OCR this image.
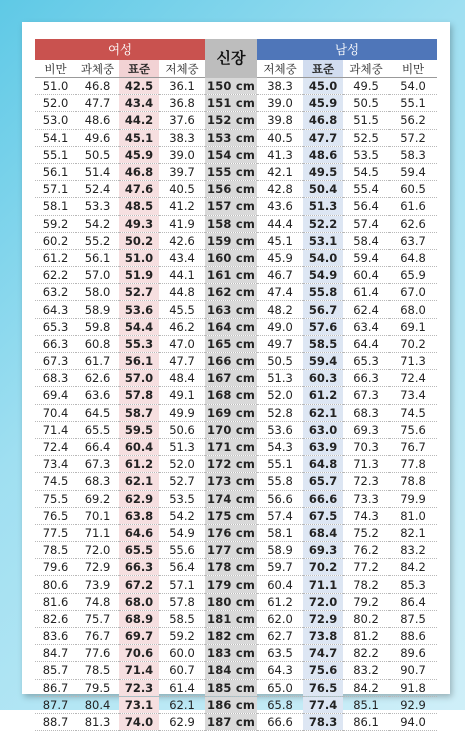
여성				신장	남성			
비만	과체중	표준	저체중		저체중	표준	과체중	비만
51.0	46.8	42.5	36.1	150 cm	38.3	45.0	49.5	54.0
52.0	47.7	43.4	36.8	151 cm	39.0	45.9	50.5	55.1
53.0	48.6	44.2	37.6	152 cm	39.8	46.8	51.5	56.2
54.1	49.6	45.1	38.3	153 cm	40.5	47.7	52.5	57.2
55.1	50.5	45.9	39.0	154 cm	41.3	48.6	53.5	58.3
56.1	51.4	46.8	39.7	155 cm	42.1	49.5	54.5	59.4
57.1	52.4	47.6	40.5	156 cm	42.8	50.4	55.4	60.5
58.1	53.3	48.5	41.2	157 cm	43.6	51.3	56.4	61.6
59.2	54.2	49.3	41.9	158 cm	44.4	52.2	57.4	62.6
60.2	55.2	50.2	42.6	159 cm	45.1	53.1	58.4	63.7
61.2	56.1	51.0	43.4	160 cm	45.9	54.0	59.4	64.8
62.2	57.0	51.9	44.1	161 cm	46.7	54.9	60.4	65.9
63.2	58.0	52.7	44.8	162 cm	47.4	55.8	61.4	67.0
64.3	58.9	53.6	45.5	163 cm	48.2	56.7	62.4	68.0
65.3	59.8	54.4	46.2	164 cm	49.0	57.6	63.4	69.1
66.3	60.8	55.3	47.0	165 cm	49.7	58.5	64.4	70.2
67.3	61.7	56.1	47.7	166 cm	50.5	59.4	65.3	71.3
68.3	62.6	57.0	48.4	167 cm	51.3	60.3	66.3	72.4
69.4	63.6	57.8	49.1	168 cm	52.0	61.2	67.3	73.4
70.4	64.5	58.7	49.9	169 cm	52.8	62.1	68.3	74.5
71.4	65.5	59.5	50.6	170 cm	53.6	63.0	69.3	75.6
72.4	66.4	60.4	51.3	171 cm	54.3	63.9	70.3	76.7
73.4	67.3	61.2	52.0	172 cm	55.1	64.8	71.3	77.8
74.5	68.3	62.1	52.7	173 cm	55.8	65.7	72.3	78.8
75.5	69.2	62.9	53.5	174 cm	56.6	66.6	73.3	79.9
76.5	70.1	63.8	54.2	175 cm	57.4	67.5	74.3	81.0
77.5	71.1	64.6	54.9	176 cm	58.1	68.4	75.2	82.1
78.5	72.0	65.5	55.6	177 cm	58.9	69.3	76.2	83.2
79.6	72.9	66.3	56.4	178 cm	59.7	70.2	77.2	84.2
80.6	73.9	67.2	57.1	179 cm	60.4	71.1	78.2	85.3
81.6	74.8	68.0	57.8	180 cm	61.2	72.0	79.2	86.4
82.6	75.7	68.9	58.5	181 cm	62.0	72.9	80.2	87.5
83.6	76.7	69.7	59.2	182 cm	62.7	73.8	81.2	88.6
84.7	77.6	70.6	60.0	183 cm	63.5	74.7	82.2	89.6
85.7	78.5	71.4	60.7	184 cm	64.3	75.6	83.2	90.7
86.7	79.5	72.3	61.4	185 cm	65.0	76.5	84.2	91.8
87.7	80.4	73.1	62.1	186 cm	65.8	77.4	85.1	92.9
88.7	81.3	74.0	62.9	187 cm	66.6	78.3	86.1	94.0
